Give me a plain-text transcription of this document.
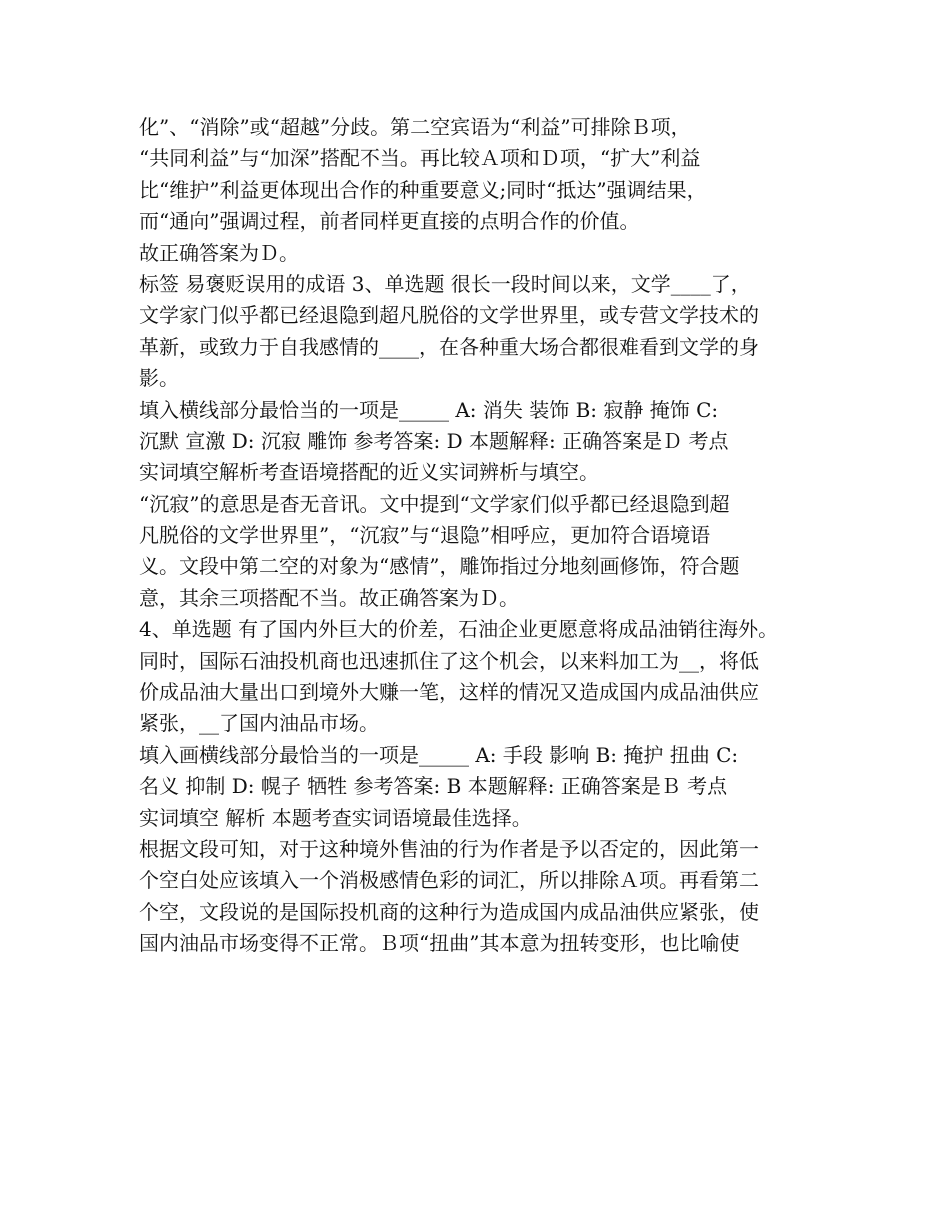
化”、“消除”或“超越”分歧。第二空宾语为“利益”可排除Ｂ项，
“共同利益”与“加深”搭配不当。再比较Ａ项和Ｄ项，“扩大”利益
比“维护”利益更体现出合作的种重要意义;同时“抵达”强调结果，
而“通向”强调过程，前者同样更直接的点明合作的价值。
故正确答案为Ｄ。
标签 易褒贬误用的成语 3、单选题 很长一段时间以来，文学____了，
文学家门似乎都已经退隐到超凡脱俗的文学世界里，或专营文学技术的
革新，或致力于自我感情的____，在各种重大场合都很难看到文学的身
影。
填入横线部分最恰当的一项是_____ A: 消失 装饰 B: 寂静 掩饰 C:
沉默 宣激 D: 沉寂 雕饰 参考答案: D 本题解释: 正确答案是Ｄ 考点
实词填空解析考查语境搭配的近义实词辨析与填空。
“沉寂”的意思是杳无音讯。文中提到“文学家们似乎都已经退隐到超
凡脱俗的文学世界里”，“沉寂”与“退隐”相呼应，更加符合语境语
义。文段中第二空的对象为“感情”，雕饰指过分地刻画修饰，符合题
意，其余三项搭配不当。故正确答案为Ｄ。
4、单选题 有了国内外巨大的价差，石油企业更愿意将成品油销往海外。
同时，国际石油投机商也迅速抓住了这个机会，以来料加工为__，将低
价成品油大量出口到境外大赚一笔，这样的情况又造成国内成品油供应
紧张，__了国内油品市场。
填入画横线部分最恰当的一项是_____ A: 手段 影响 B: 掩护 扭曲 C:
名义 抑制 D: 幌子 牺牲 参考答案: B 本题解释: 正确答案是Ｂ 考点
实词填空 解析 本题考查实词语境最佳选择。
根据文段可知，对于这种境外售油的行为作者是予以否定的，因此第一
个空白处应该填入一个消极感情色彩的词汇，所以排除Ａ项。再看第二
个空，文段说的是国际投机商的这种行为造成国内成品油供应紧张，使
国内油品市场变得不正常。Ｂ项“扭曲”其本意为扭转变形，也比喻使
